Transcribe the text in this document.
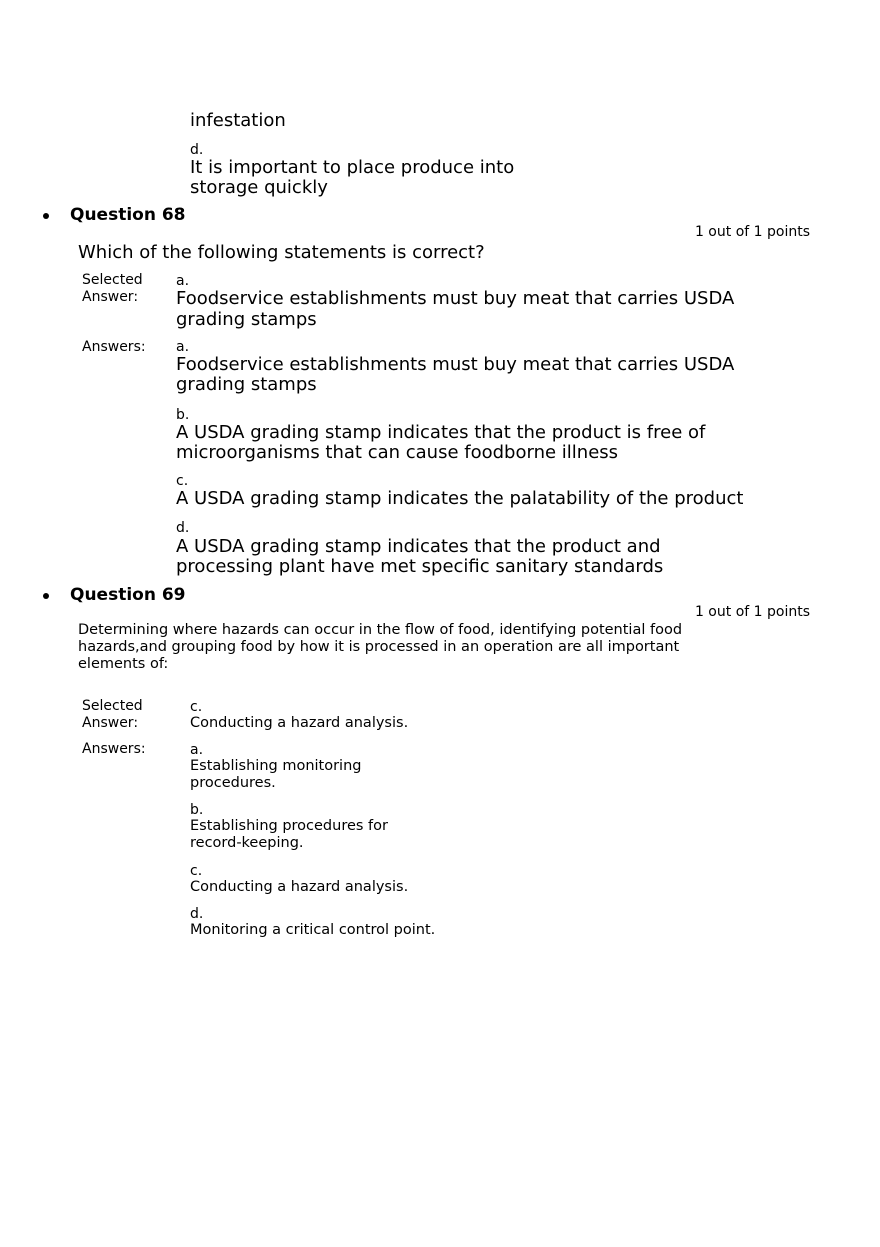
infestation
d.
It is important to place produce into
storage quickly
Question 68
1 out of 1 points
Which of the following statements is correct?
Selected
Answer:
a.
Foodservice establishments must buy meat that carries USDA
grading stamps
Answers: a.
Foodservice establishments must buy meat that carries USDA
grading stamps
b.
A USDA grading stamp indicates that the product is free of
microorganisms that can cause foodborne illness
c.
A USDA grading stamp indicates the palatability of the product
d.
A USDA grading stamp indicates that the product and
processing plant have met specific sanitary standards
Question 69
1 out of 1 points
Determining where hazards can occur in the flow of food, identifying potential food
hazards,and grouping food by how it is processed in an operation are all important
elements of:
Selected
Answer:
c.
Conducting a hazard analysis.
Answers:	a.
Establishing monitoring
procedures.
b.
Establishing procedures for
record-keeping.
c.
Conducting a hazard analysis.
d.
Monitoring a critical control point.
